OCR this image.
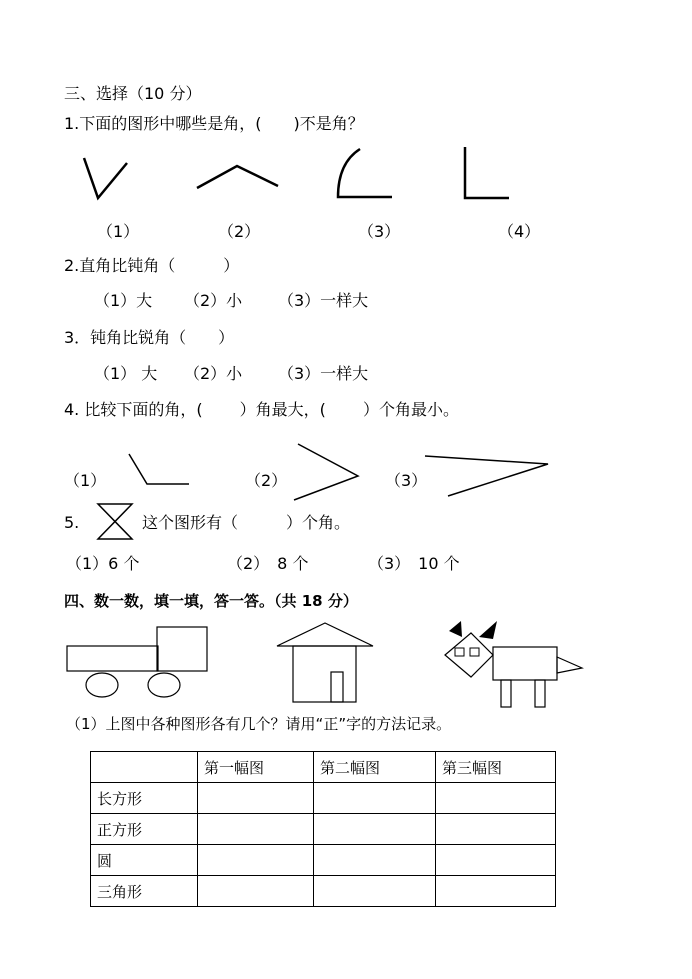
三、选择（10 分）
1.下面的图形中哪些是角，(　　)不是角？
（1）	（2）	（3）	（4）
2.直角比钝角（　　　）
（1）大 （2）小 （3）一样大
3．钝角比锐角（　　）
（1） 大 （2）小 （3）一样大
4. 比较下面的角，(　　 ）角最大，(　　 ）个角最小。
（1）	（2）	（3）
5.	这个图形有（　　　）个角。
（1）6 个	（2）　8 个	（3）　10 个
四、数一数，填一填，答一答。（共 18 分）
（1）上图中各种图形各有几个？请用“正”字的方法记录。
	第一幅图	第二幅图	第三幅图
长方形			
正方形			
圆			
三角形			
